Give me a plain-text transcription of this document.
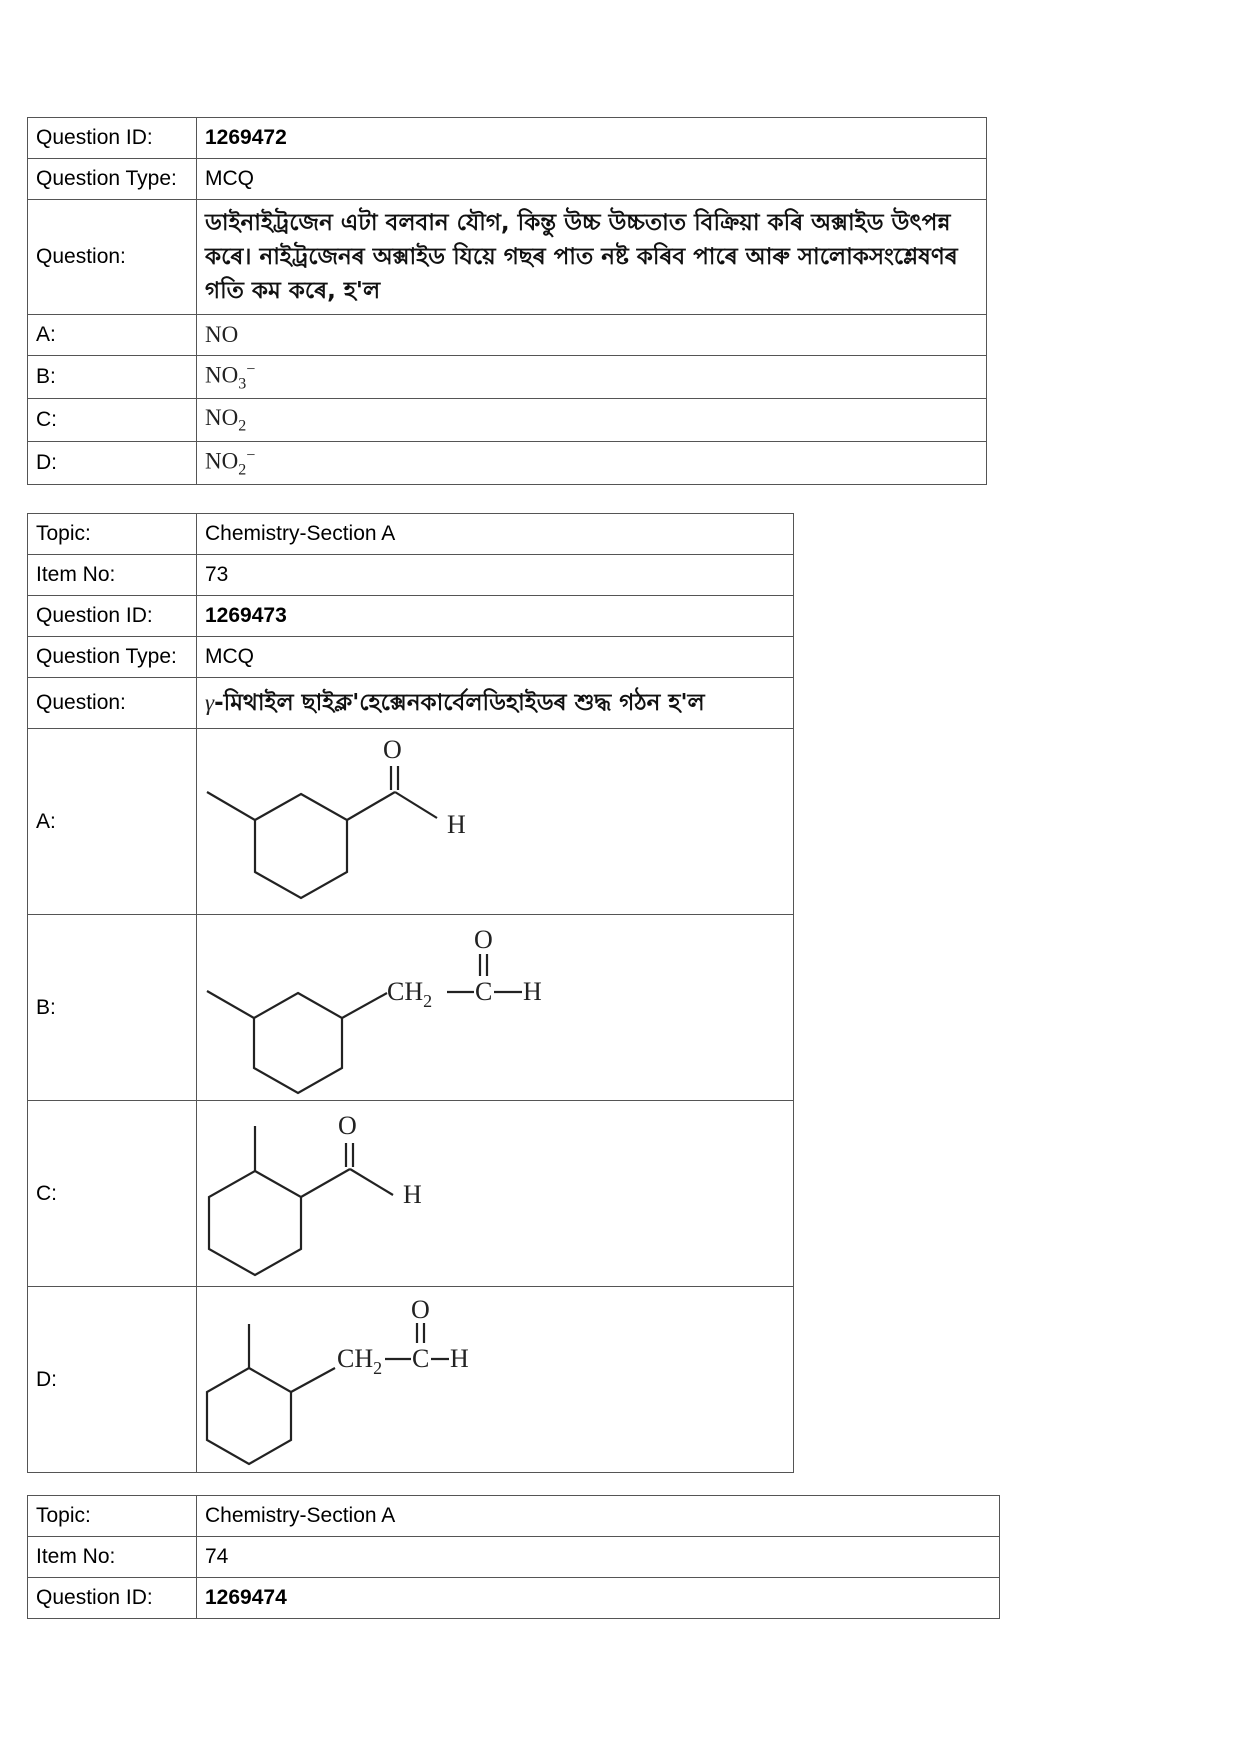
Question ID:	1269472
Question Type:	MCQ
Question:	ডাইনাইট্ৰজেন এটা বলবান যৌগ, কিন্তু উচ্চ উচ্চতাত বিক্ৰিয়া কৰি অক্সাইড উৎপন্ন কৰে। নাইট্ৰজেনৰ অক্সাইড যিয়ে গছৰ পাত নষ্ট কৰিব পাৰে আৰু সালোকসংশ্লেষণৰ গতি কম কৰে, হ'ল
A:	NO
B:	$NO_3^-$
C:	$NO_2$
D:	$NO_2^-$
Topic:	Chemistry-Section A
Item No:	73
Question ID:	1269473
Question Type:	MCQ
Question:	γ-মিথাইল ছাইক্ল'হেক্সেনকাৰ্বেলডিহাইডৰ শুদ্ধ গঠন হ'ল
A:	O
H

B:	$CH_2$ C H
O

C:	O
H

D:	$CH_2$ C H
O
Topic:	Chemistry-Section A
Item No:	74
Question ID:	1269474
